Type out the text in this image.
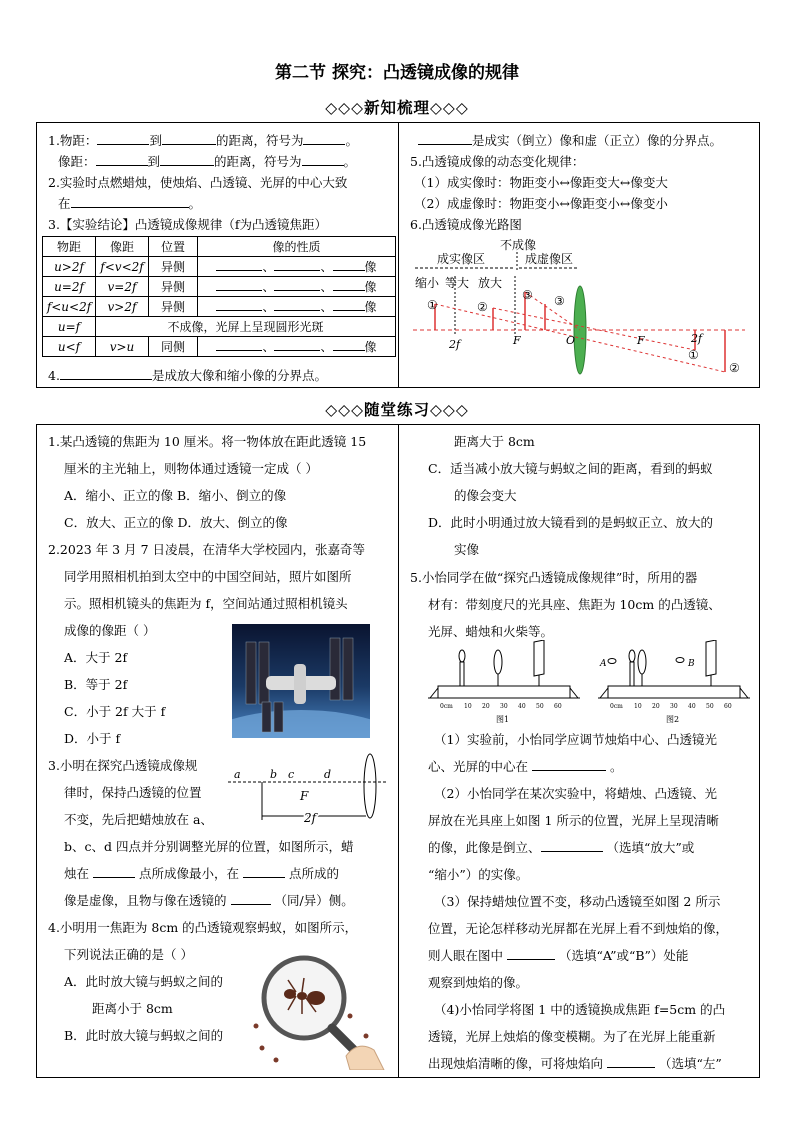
第二节 探究：凸透镜成像的规律
◇◇◇新知梳理◇◇◇
1.物距：	到	的距离，符号为	。
像距：	到	的距离，符号为	。
2.实验时点燃蜡烛，使烛焰、凸透镜、光屏的中心大致
在	。
3.【实验结论】凸透镜成像规律（f为凸透镜焦距）
物距	像距	位置	像的性质
u>2f	f<v<2f	异侧	、 、 像
u=2f	v=2f	异侧	、 、 像
f<u<2f	v>2f	异侧	、 、 像
u=f	不成像，光屏上呈现圆形光斑		
u<f	v>u	同侧	、 、 像
4.	是成放大像和缩小像的分界点。
是成实（倒立）像和虚（正立）像的分界点。
5.凸透镜成像的动态变化规律：
（1）成实像时：物距变小↔像距变大↔像变大
（2）成虚像时：物距变小↔像距变小↔像变小
6.凸透镜成像光路图
不成像
成实像区	成虚像区
缩小 等大 放大
①	②
③ ③
2f	F	O	F	2f
①
②
◇◇◇随堂练习◇◇◇
1.某凸透镜的焦距为 10 厘米。将一物体放在距此透镜 15
厘米的主光轴上，则物体通过透镜一定成（ ）
A．缩小、正立的像 B．缩小、倒立的像
C．放大、正立的像 D．放大、倒立的像
2.2023 年 3 月 7 日凌晨，在清华大学校园内，张嘉奇等
同学用照相机拍到太空中的中国空间站，照片如图所
示。照相机镜头的焦距为 f，空间站通过照相机镜头
成像的像距（ ）
A．大于 2f
B．等于 2f
C．小于 2f 大于 f
D．小于 f
3.小明在探究凸透镜成像规
律时，保持凸透镜的位置
不变，先后把蜡烛放在 a、
b、c、d 四点并分别调整光屏的位置，如图所示，蜡
烛在	点所成像最小，在	点所成的
像是虚像，且物与像在透镜的	（同/异）侧。
a	b c	d
F
2f
4.小明用一焦距为 8cm 的凸透镜观察蚂蚁，如图所示，
下列说法正确的是（ ）
A．此时放大镜与蚂蚁之间的
距离小于 8cm
B．此时放大镜与蚂蚁之间的
距离大于 8cm
C．适当减小放大镜与蚂蚁之间的距离，看到的蚂蚁
的像会变大
D．此时小明通过放大镜看到的是蚂蚁正立、放大的
实像
5.小怡同学在做“探究凸透镜成像规律”时，所用的器
材有：带刻度尺的光具座、焦距为 10cm 的凸透镜、
光屏、蜡烛和火柴等。
0cm 10 20 30 40 50 60
图1
0cm 10 20 30 40 50 60
A	B
图2
（1）实验前，小怡同学应调节烛焰中心、凸透镜光
心、光屏的中心在	。
（2）小怡同学在某次实验中，将蜡烛、凸透镜、光
屏放在光具座上如图 1 所示的位置，光屏上呈现清晰
的像，此像是倒立、	（选填“放大”或
“缩小”）的实像。
（3）保持蜡烛位置不变，移动凸透镜至如图 2 所示
位置，无论怎样移动光屏都在光屏上看不到烛焰的像，
则人眼在图中	（选填“A”或“B”）处能
观察到烛焰的像。
（4)小怡同学将图 1 中的透镜换成焦距 f=5cm 的凸
透镜，光屏上烛焰的像变模糊。为了在光屏上能重新
出现烛焰清晰的像，可将烛焰向	（选填“左”
